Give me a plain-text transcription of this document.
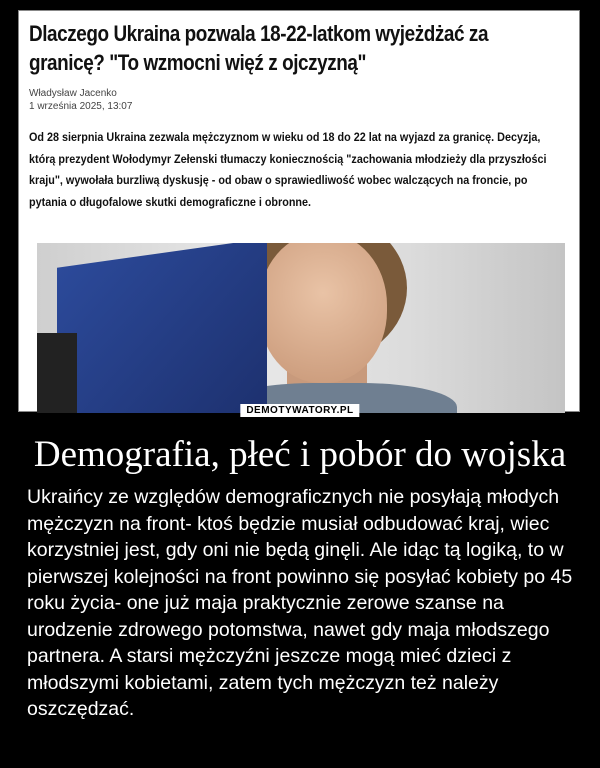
Dlaczego Ukraina pozwala 18-22-latkom wyjeżdżać za granicę? "To wzmocni więź z ojczyzną"
Władysław Jacenko
1 września 2025, 13:07
Od 28 sierpnia Ukraina zezwala mężczyznom w wieku od 18 do 22 lat na wyjazd za granicę. Decyzja, którą prezydent Wołodymyr Zełenski tłumaczy koniecznością "zachowania młodzieży dla przyszłości kraju", wywołała burzliwą dyskusję - od obaw o sprawiedliwość wobec walczących na froncie, po pytania o długofalowe skutki demograficzne i obronne.
DEMOTYWATORY.PL
Demografia, płeć i pobór do wojska
Ukraińcy ze względów demograficznych nie posyłają młodych mężczyzn na front- ktoś będzie musiał odbudować kraj, wiec korzystniej jest, gdy oni nie będą ginęli. Ale idąc tą logiką, to w pierwszej kolejności na front powinno się posyłać kobiety po 45 roku życia- one już maja praktycznie zerowe szanse na urodzenie zdrowego potomstwa, nawet gdy maja młodszego partnera. A starsi mężczyźni jeszcze mogą mieć dzieci z młodszymi kobietami, zatem tych mężczyzn też należy oszczędzać.
